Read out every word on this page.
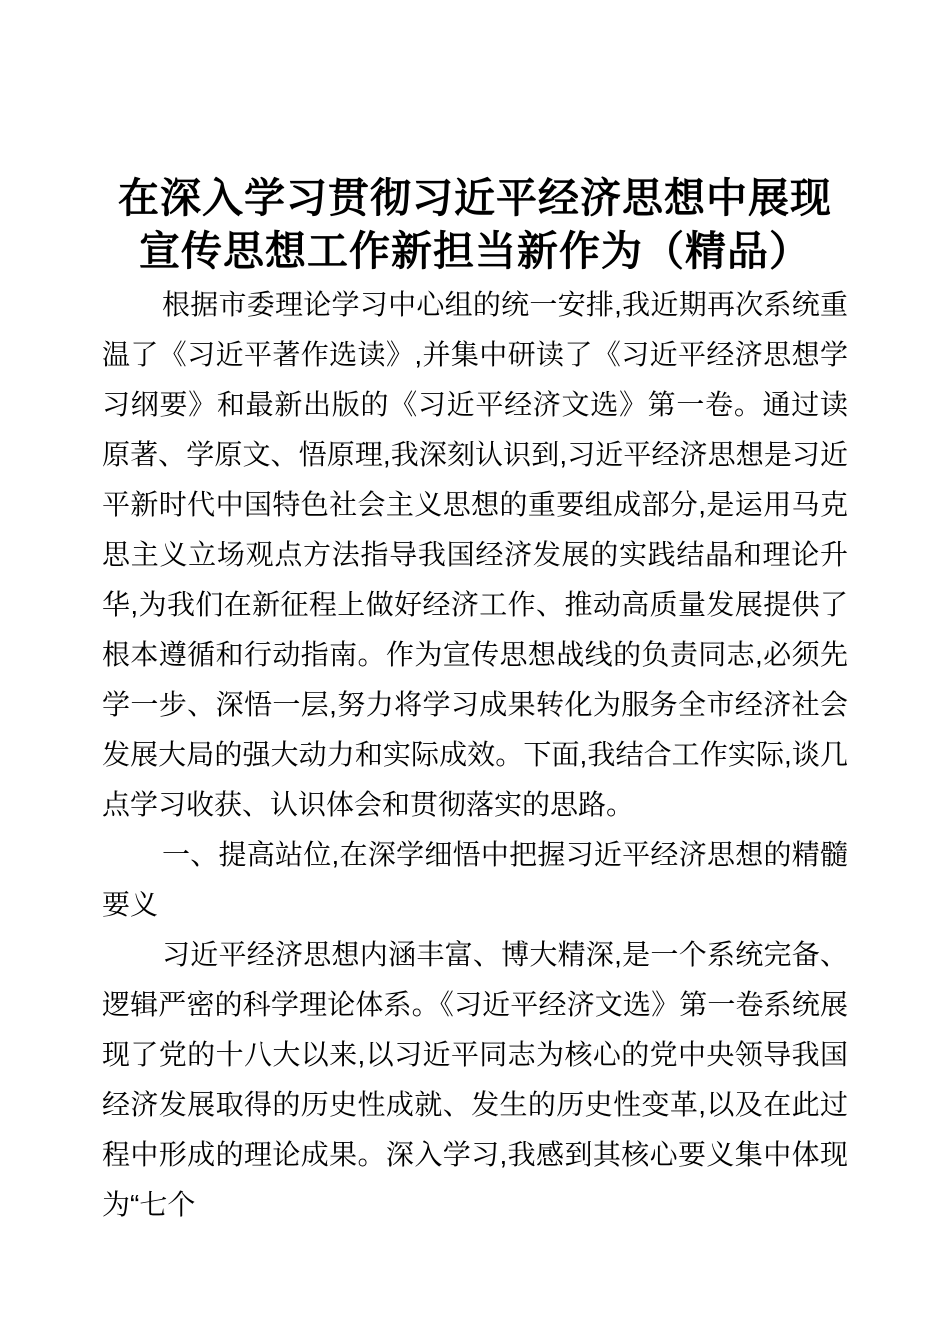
在深入学习贯彻习近平经济思想中展现
宣传思想工作新担当新作为（精品）

根据市委理论学习中心组的统一安排,我近期再次系统重温了《习近平著作选读》,并集中研读了《习近平经济思想学习纲要》和最新出版的《习近平经济文选》第一卷。通过读原著、学原文、悟原理,我深刻认识到,习近平经济思想是习近平新时代中国特色社会主义思想的重要组成部分,是运用马克思主义立场观点方法指导我国经济发展的实践结晶和理论升华,为我们在新征程上做好经济工作、推动高质量发展提供了根本遵循和行动指南。作为宣传思想战线的负责同志,必须先学一步、深悟一层,努力将学习成果转化为服务全市经济社会发展大局的强大动力和实际成效。下面,我结合工作实际,谈几点学习收获、认识体会和贯彻落实的思路。

一、提高站位,在深学细悟中把握习近平经济思想的精髓要义

习近平经济思想内涵丰富、博大精深,是一个系统完备、逻辑严密的科学理论体系。《习近平经济文选》第一卷系统展现了党的十八大以来,以习近平同志为核心的党中央领导我国经济发展取得的历史性成就、发生的历史性变革,以及在此过程中形成的理论成果。深入学习,我感到其核心要义集中体现为“七个
